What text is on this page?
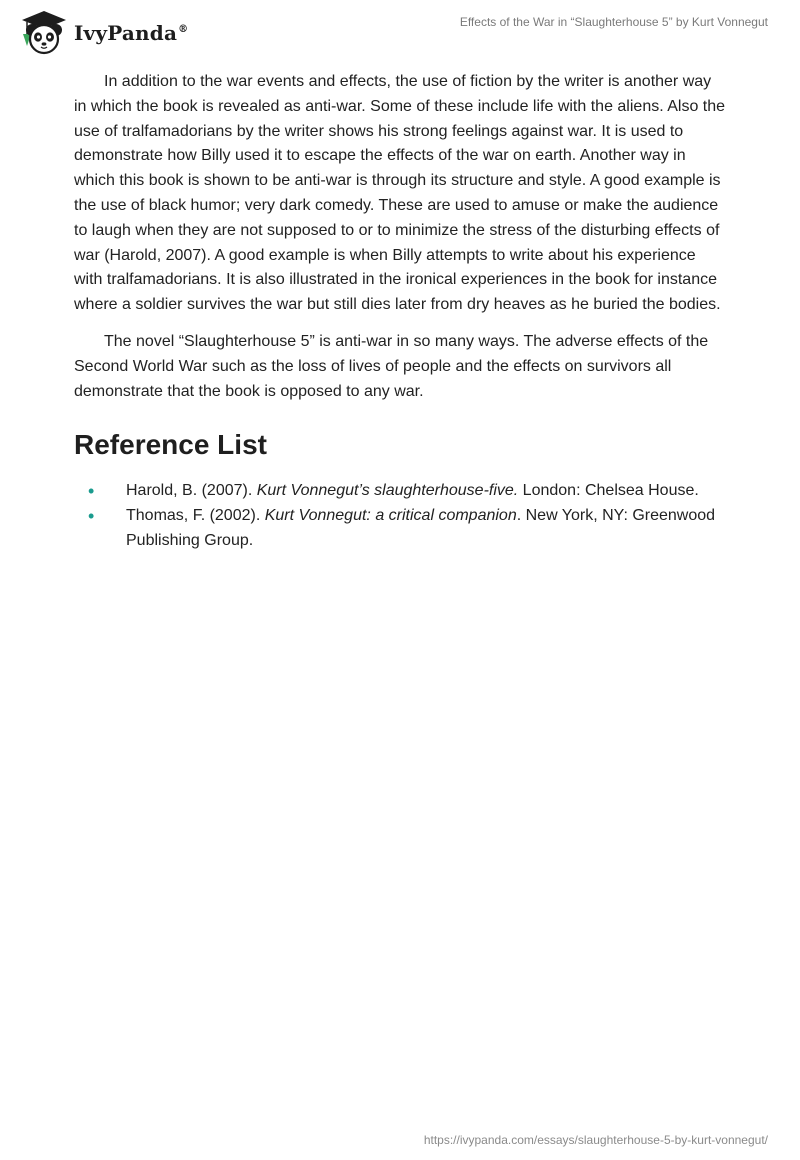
IvyPanda®
Effects of the War in “Slaughterhouse 5” by Kurt Vonnegut

In addition to the war events and effects, the use of fiction by the writer is another way in which the book is revealed as anti-war. Some of these include life with the aliens. Also the use of tralfamadorians by the writer shows his strong feelings against war. It is used to demonstrate how Billy used it to escape the effects of the war on earth. Another way in which this book is shown to be anti-war is through its structure and style. A good example is the use of black humor; very dark comedy. These are used to amuse or make the audience to laugh when they are not supposed to or to minimize the stress of the disturbing effects of war (Harold, 2007). A good example is when Billy attempts to write about his experience with tralfamadorians. It is also illustrated in the ironical experiences in the book for instance where a soldier survives the war but still dies later from dry heaves as he buried the bodies.

The novel “Slaughterhouse 5” is anti-war in so many ways. The adverse effects of the Second World War such as the loss of lives of people and the effects on survivors all demonstrate that the book is opposed to any war.

Reference List
• Harold, B. (2007). Kurt Vonnegut’s slaughterhouse-five. London: Chelsea House.
• Thomas, F. (2002). Kurt Vonnegut: a critical companion. New York, NY: Greenwood Publishing Group.
https://ivypanda.com/essays/slaughterhouse-5-by-kurt-vonnegut/
